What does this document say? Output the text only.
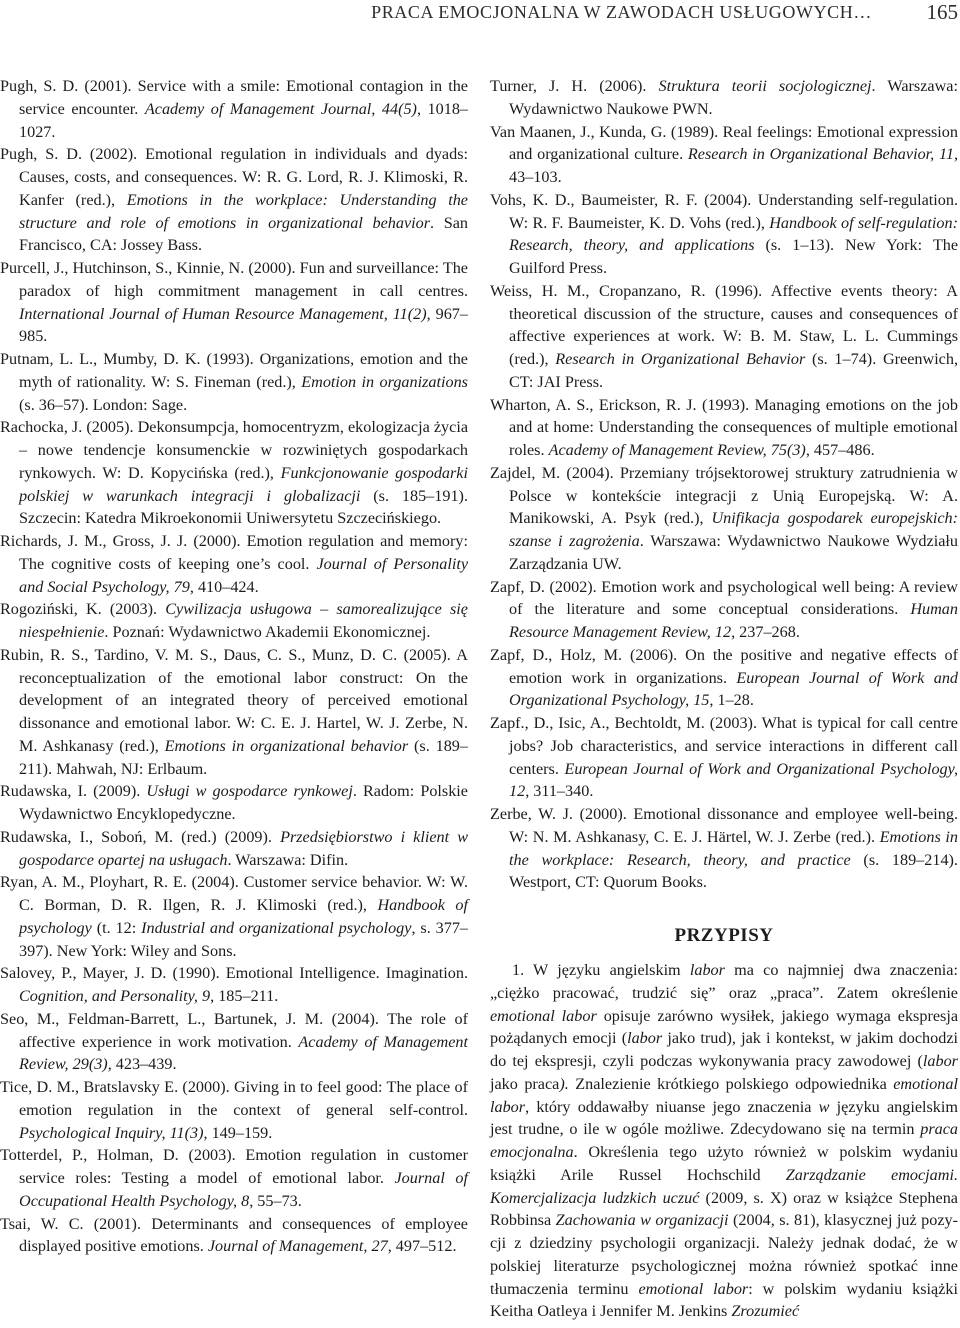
PRACA EMOCJONALNA W ZAWODACH USŁUGOWYCH…	165

Pugh, S. D. (2001). Service with a smile: Emotional contagion in the service encounter. Academy of Management Journal, 44(5), 1018–1027.

Pugh, S. D. (2002). Emotional regulation in individuals and dyads: Causes, costs, and consequences. W: R. G. Lord, R. J. Klimoski, R. Kanfer (red.), Emotions in the workplace: Understanding the structure and role of emotions in organizational behavior. San Francisco, CA: Jossey Bass.

Purcell, J., Hutchinson, S., Kinnie, N. (2000). Fun and surveillance: The paradox of high commitment management in call centres. International Journal of Human Resource Management, 11(2), 967–985.

Putnam, L. L., Mumby, D. K. (1993). Organizations, emotion and the myth of rationality. W: S. Fineman (red.), Emotion in organizations (s. 36–57). London: Sage.

Rachocka, J. (2005). Dekonsumpcja, homocentryzm, ekologizacja życia – nowe tendencje konsumenckie w rozwiniętych gospodarkach rynkowych. W: D. Kopycińska (red.), Funkcjonowanie gospodarki polskiej w warunkach integracji i globalizacji (s. 185–191). Szczecin: Katedra Mikroekonomii Uniwersytetu Szczecińskiego.

Richards, J. M., Gross, J. J. (2000). Emotion regulation and memory: The cognitive costs of keeping one’s cool. Journal of Personality and Social Psychology, 79, 410–424.

Rogoziński, K. (2003). Cywilizacja usługowa – samorealizujące się niespełnienie. Poznań: Wydawnictwo Akademii Ekonomicznej.

Rubin, R. S., Tardino, V. M. S., Daus, C. S., Munz, D. C. (2005). A reconceptualization of the emotional labor construct: On the development of an integrated theory of perceived emotional dissonance and emotional labor. W: C. E. J. Hartel, W. J. Zerbe, N. M. Ashkanasy (red.), Emotions in organizational behavior (s. 189–211). Mahwah, NJ: Erlbaum.

Rudawska, I. (2009). Usługi w gospodarce rynkowej. Radom: Polskie Wydawnictwo Encyklopedyczne.

Rudawska, I., Soboń, M. (red.) (2009). Przedsiębiorstwo i klient w gospodarce opartej na usługach. Warszawa: Difin.

Ryan, A. M., Ployhart, R. E. (2004). Customer service behavior. W: W. C. Borman, D. R. Ilgen, R. J. Klimoski (red.), Handbook of psychology (t. 12: Industrial and organizational psychology, s. 377–397). New York: Wiley and Sons.

Salovey, P., Mayer, J. D. (1990). Emotional Intelligence. Imagination. Cognition, and Personality, 9, 185–211.

Seo, M., Feldman-Barrett, L., Bartunek, J. M. (2004). The role of affective experience in work motivation. Academy of Management Review, 29(3), 423–439.

Tice, D. M., Bratslavsky E. (2000). Giving in to feel good: The place of emotion regulation in the context of general self-control. Psychological Inquiry, 11(3), 149–159.

Totterdel, P., Holman, D. (2003). Emotion regulation in customer service roles: Testing a model of emotional labor. Journal of Occupational Health Psychology, 8, 55–73.

Tsai, W. C. (2001). Determinants and consequences of employee displayed positive emotions. Journal of Management, 27, 497–512.

Turner, J. H. (2006). Struktura teorii socjologicznej. Warszawa: Wydawnictwo Naukowe PWN.

Van Maanen, J., Kunda, G. (1989). Real feelings: Emotional expression and organizational culture. Research in Organizational Behavior, 11, 43–103.

Vohs, K. D., Baumeister, R. F. (2004). Understanding self-regulation. W: R. F. Baumeister, K. D. Vohs (red.), Handbook of self-regulation: Research, theory, and applications (s. 1–13). New York: The Guilford Press.

Weiss, H. M., Cropanzano, R. (1996). Affective events theory: A theoretical discussion of the structure, causes and consequences of affective experiences at work. W: B. M. Staw, L. L. Cummings (red.), Research in Organizational Behavior (s. 1–74). Greenwich, CT: JAI Press.

Wharton, A. S., Erickson, R. J. (1993). Managing emotions on the job and at home: Understanding the consequences of multiple emotional roles. Academy of Management Review, 75(3), 457–486.

Zajdel, M. (2004). Przemiany trójsektorowej struktury zatrudnienia w Polsce w kontekście integracji z Unią Europejską. W: A. Manikowski, A. Psyk (red.), Unifikacja gospodarek europejskich: szanse i zagrożenia. Warszawa: Wydawnictwo Naukowe Wydziału Zarządzania UW.

Zapf, D. (2002). Emotion work and psychological well being: A review of the literature and some conceptual considerations. Human Resource Management Review, 12, 237–268.

Zapf, D., Holz, M. (2006). On the positive and negative effects of emotion work in organizations. European Journal of Work and Organizational Psychology, 15, 1–28.

Zapf., D., Isic, A., Bechtoldt, M. (2003). What is typical for call centre jobs? Job characteristics, and service interactions in different call centers. European Journal of Work and Organizational Psychology, 12, 311–340.

Zerbe, W. J. (2000). Emotional dissonance and employee well-being. W: N. M. Ashkanasy, C. E. J. Härtel, W. J. Zerbe (red.). Emotions in the workplace: Research, theory, and practice (s. 189–214). Westport, CT: Quorum Books.

PRZYPISY

1. W języku angielskim labor ma co najmniej dwa znaczenia: „ciężko pracować, trudzić się” oraz „praca”. Zatem określenie emotional labor opisuje zarówno wysiłek, jakiego wymaga ekspresja pożądanych emocji (labor jako trud), jak i kontekst, w jakim dochodzi do tej ekspresji, czyli podczas wykonywania pracy zawodowej (labor jako praca). Znalezienie krótkiego polskiego odpowiednika emotional labor, który oddawałby niuanse jego znaczenia w języku angielskim jest trudne, o ile w ogóle możliwe. Zdecydowano się na termin praca emocjonalna. Określenia tego użyto również w polskim wydaniu książki Arile Russel Hochschild Zarządzanie emocjami. Komercjalizacja ludzkich uczuć (2009, s. X) oraz w książce Stephena Robbinsa Zachowania w organizacji (2004, s. 81), klasycznej już pozycji z dziedziny psychologii organizacji. Należy jednak dodać, że w polskiej literaturze psychologicznej można również spotkać inne tłumaczenia terminu emotional labor: w polskim wydaniu książki Keitha Oatleya i Jennifer M. Jenkins Zrozumieć
